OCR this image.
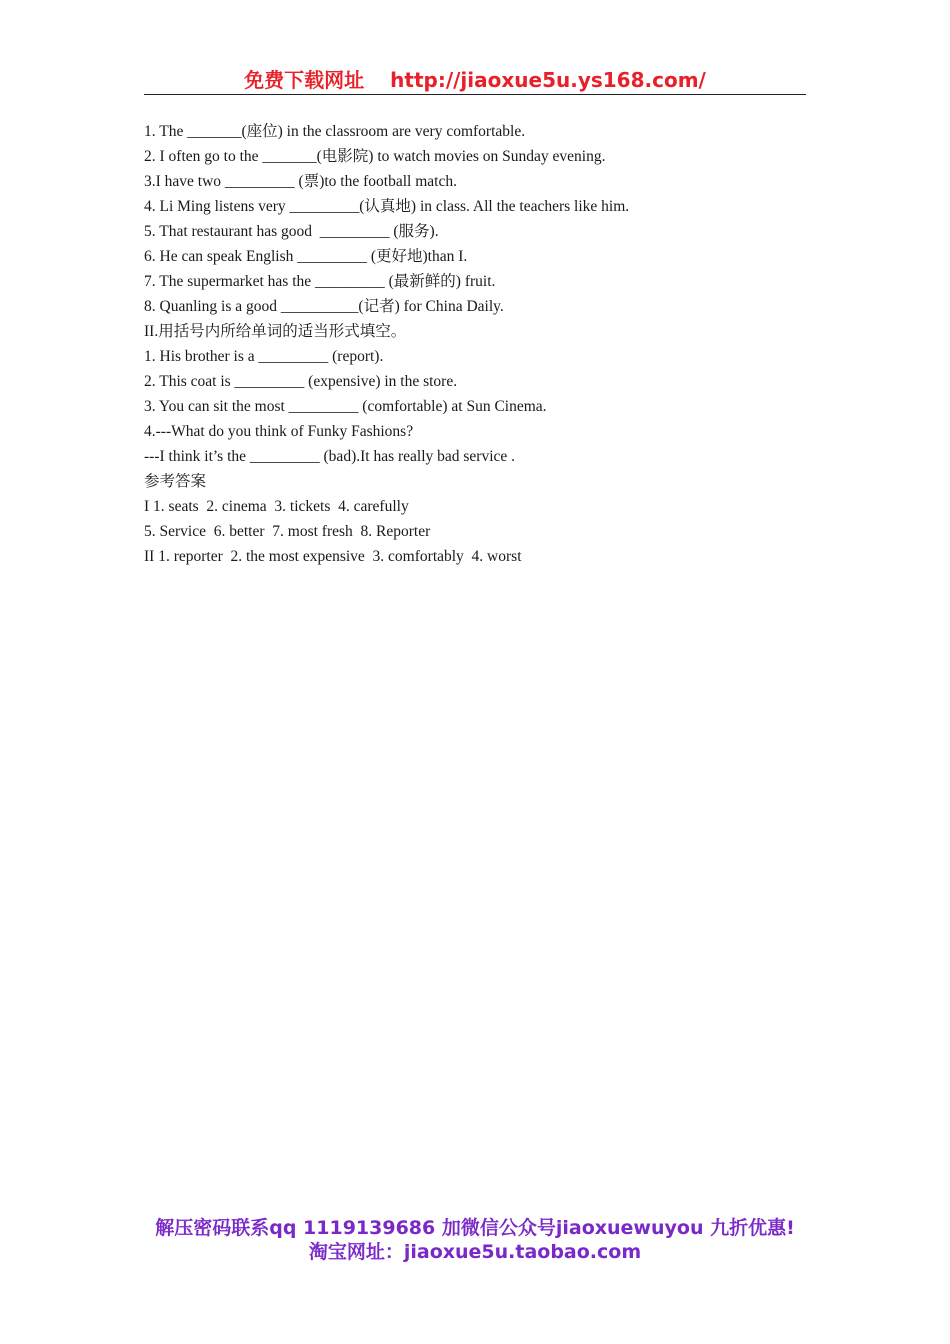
免费下载网址 http://jiaoxue5u.ys168.com/
1. The _______(座位) in the classroom are very comfortable.
2. I often go to the _______(电影院) to watch movies on Sunday evening.
3.I have two _________ (票)to the football match.
4. Li Ming listens very _________(认真地) in class. All the teachers like him.
5. That restaurant has good  _________ (服务).
6. He can speak English _________ (更好地)than I.
7. The supermarket has the _________ (最新鲜的) fruit.
8. Quanling is a good __________(记者) for China Daily.
II.用括号内所给单词的适当形式填空。
1. His brother is a _________ (report).
2. This coat is _________ (expensive) in the store.
3. You can sit the most _________ (comfortable) at Sun Cinema.
4.---What do you think of Funky Fashions?
---I think it’s the _________ (bad).It has really bad service .
参考答案
I 1. seats  2. cinema  3. tickets  4. carefully
5. Service  6. better  7. most fresh  8. Reporter
II 1. reporter  2. the most expensive  3. comfortably  4. worst
解压密码联系qq 1119139686 加微信公众号jiaoxuewuyou 九折优惠!
淘宝网址：jiaoxue5u.taobao.com
